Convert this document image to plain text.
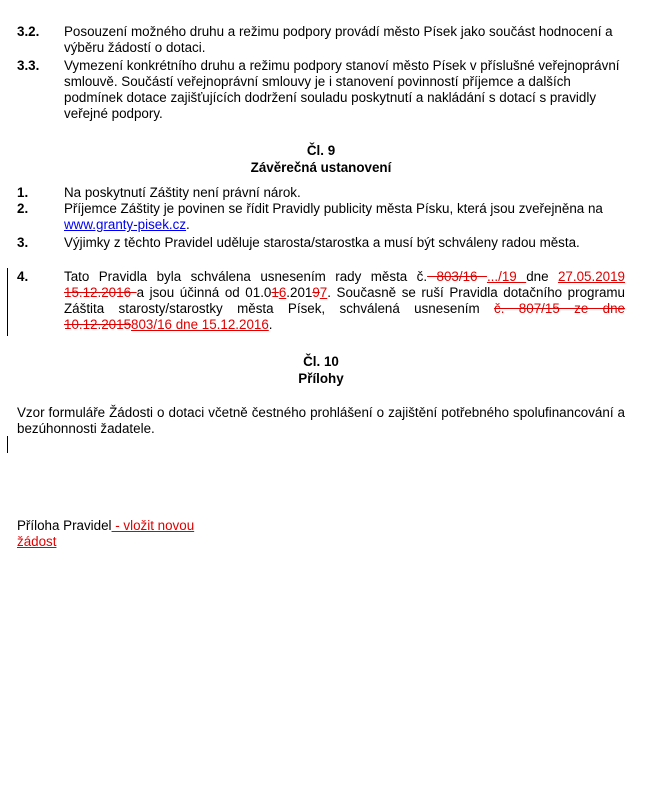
3.2. Posouzení možného druhu a režimu podpory provádí město Písek jako součást hodnocení a výběru žádostí o dotaci.
3.3. Vymezení konkrétního druhu a režimu podpory stanoví město Písek v příslušné veřejnoprávní smlouvě. Součástí veřejnoprávní smlouvy je i stanovení povinností příjemce a dalších podmínek dotace zajišťujících dodržení souladu poskytnutí a nakládání s dotací s pravidly veřejné podpory.
Čl. 9
Závěrečná ustanovení
1.	Na poskytnutí Záštity není právní nárok.
2.	Příjemce Záštity je povinen se řídit Pravidly publicity města Písku, která jsou zveřejněna na www.granty-pisek.cz.
3.	Výjimky z těchto Pravidel uděluje starosta/starostka a musí být schváleny radou města.
4.	Tato Pravidla byla schválena usnesením rady města č. 803/16 .../19 dne 27.05.2019 15.12.2016 a jsou účinná od 01.016.20197. Současně se ruší Pravidla dotačního programu Záštita starosty/starostky města Písek, schválená usnesením č. 807/15 ze dne 10.12.2015803/16 dne 15.12.2016.
Čl. 10
Přílohy

Vzor formuláře Žádosti o dotaci včetně čestného prohlášení o zajištění potřebného spolufinancování a bezúhonnosti žadatele.

Příloha Pravidel - vložit novou žádost
